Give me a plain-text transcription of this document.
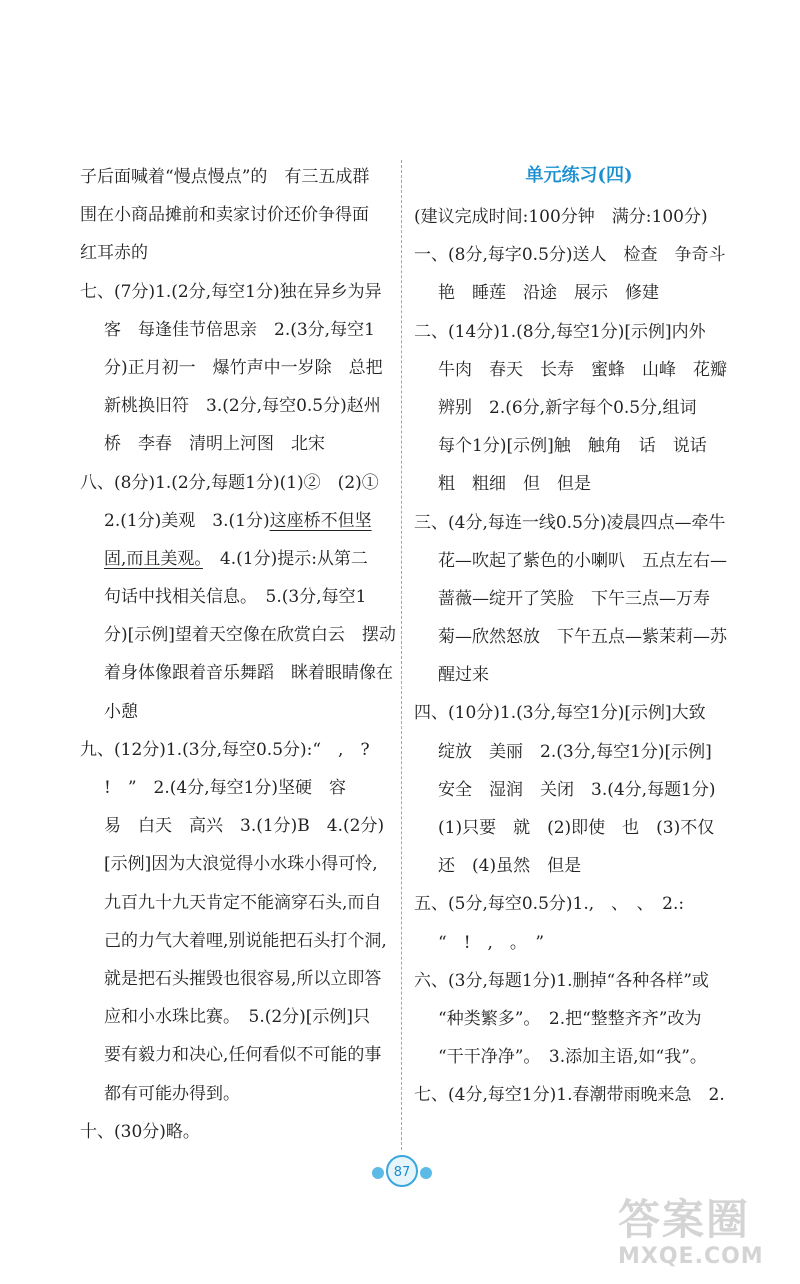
子后面喊着“慢点慢点”的　有三五成群
围在小商品摊前和卖家讨价还价争得面
红耳赤的
七、(7分)1.(2分,每空1分)独在异乡为异
客　每逢佳节倍思亲　2.(3分,每空1
分)正月初一　爆竹声中一岁除　总把
新桃换旧符　3.(2分,每空0.5分)赵州
桥　李春　清明上河图　北宋
八、(8分)1.(2分,每题1分)(1)②　(2)①
2.(1分)美观　3.(1分)这座桥不但坚
固,而且美观。　4.(1分)提示:从第二
句话中找相关信息。　5.(3分,每空1
分)[示例]望着天空像在欣赏白云　摆动
着身体像跟着音乐舞蹈　眯着眼睛像在
小憩
九、(12分)1.(3分,每空0.5分):“　,　?
!　”　2.(4分,每空1分)坚硬　容
易　白天　高兴　3.(1分)B　4.(2分)
[示例]因为大浪觉得小水珠小得可怜,
九百九十九天肯定不能滴穿石头,而自
己的力气大着哩,别说能把石头打个洞,
就是把石头摧毁也很容易,所以立即答
应和小水珠比赛。　5.(2分)[示例]只
要有毅力和决心,任何看似不可能的事
都有可能办得到。
十、(30分)略。
单元练习(四)
(建议完成时间:100分钟　满分:100分)
一、(8分,每字0.5分)送人　检查　争奇斗
艳　睡莲　沿途　展示　修建
二、(14分)1.(8分,每空1分)[示例]内外
牛肉　春天　长寿　蜜蜂　山峰　花瓣
辨别　2.(6分,新字每个0.5分,组词
每个1分)[示例]触　触角　话　说话
粗　粗细　但　但是
三、(4分,每连一线0.5分)凌晨四点—牵牛
花—吹起了紫色的小喇叭　五点左右—
蔷薇—绽开了笑脸　下午三点—万寿
菊—欣然怒放　下午五点—紫茉莉—苏
醒过来
四、(10分)1.(3分,每空1分)[示例]大致
绽放　美丽　2.(3分,每空1分)[示例]
安全　湿润　关闭　3.(4分,每题1分)
(1)只要　就　(2)即使　也　(3)不仅
还　(4)虽然　但是
五、(5分,每空0.5分)1.,　、　、　2.:
“　!　,　。　”
六、(3分,每题1分)1.删掉“各种各样”或
“种类繁多”。　2.把“整整齐齐”改为
“干干净净”。　3.添加主语,如“我”。
七、(4分,每空1分)1.春潮带雨晚来急　2.
87
答案圈
MXQE.COM
